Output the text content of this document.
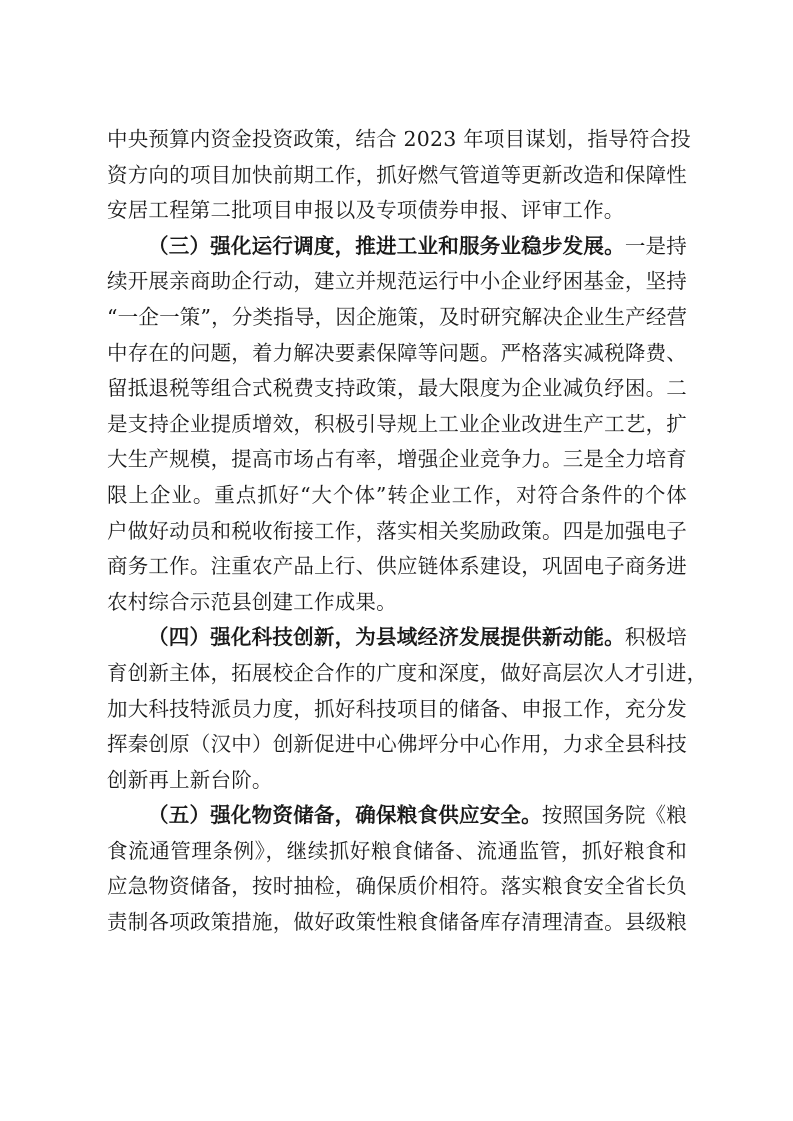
中央预算内资金投资政策，结合 2023 年项目谋划，指导符合投
资方向的项目加快前期工作，抓好燃气管道等更新改造和保障性
安居工程第二批项目申报以及专项债券申报、评审工作。
（三）强化运行调度，推进工业和服务业稳步发展。一是持
续开展亲商助企行动，建立并规范运行中小企业纾困基金，坚持
“一企一策”，分类指导，因企施策，及时研究解决企业生产经营
中存在的问题，着力解决要素保障等问题。严格落实减税降费、
留抵退税等组合式税费支持政策，最大限度为企业减负纾困。二
是支持企业提质增效，积极引导规上工业企业改进生产工艺，扩
大生产规模，提高市场占有率，增强企业竞争力。三是全力培育
限上企业。重点抓好“大个体”转企业工作，对符合条件的个体
户做好动员和税收衔接工作，落实相关奖励政策。四是加强电子
商务工作。注重农产品上行、供应链体系建设，巩固电子商务进
农村综合示范县创建工作成果。
（四）强化科技创新，为县域经济发展提供新动能。积极培
育创新主体，拓展校企合作的广度和深度，做好高层次人才引进，
加大科技特派员力度，抓好科技项目的储备、申报工作，充分发
挥秦创原（汉中）创新促进中心佛坪分中心作用，力求全县科技
创新再上新台阶。
（五）强化物资储备，确保粮食供应安全。按照国务院《粮
食流通管理条例》，继续抓好粮食储备、流通监管，抓好粮食和
应急物资储备，按时抽检，确保质价相符。落实粮食安全省长负
责制各项政策措施，做好政策性粮食储备库存清理清查。县级粮
